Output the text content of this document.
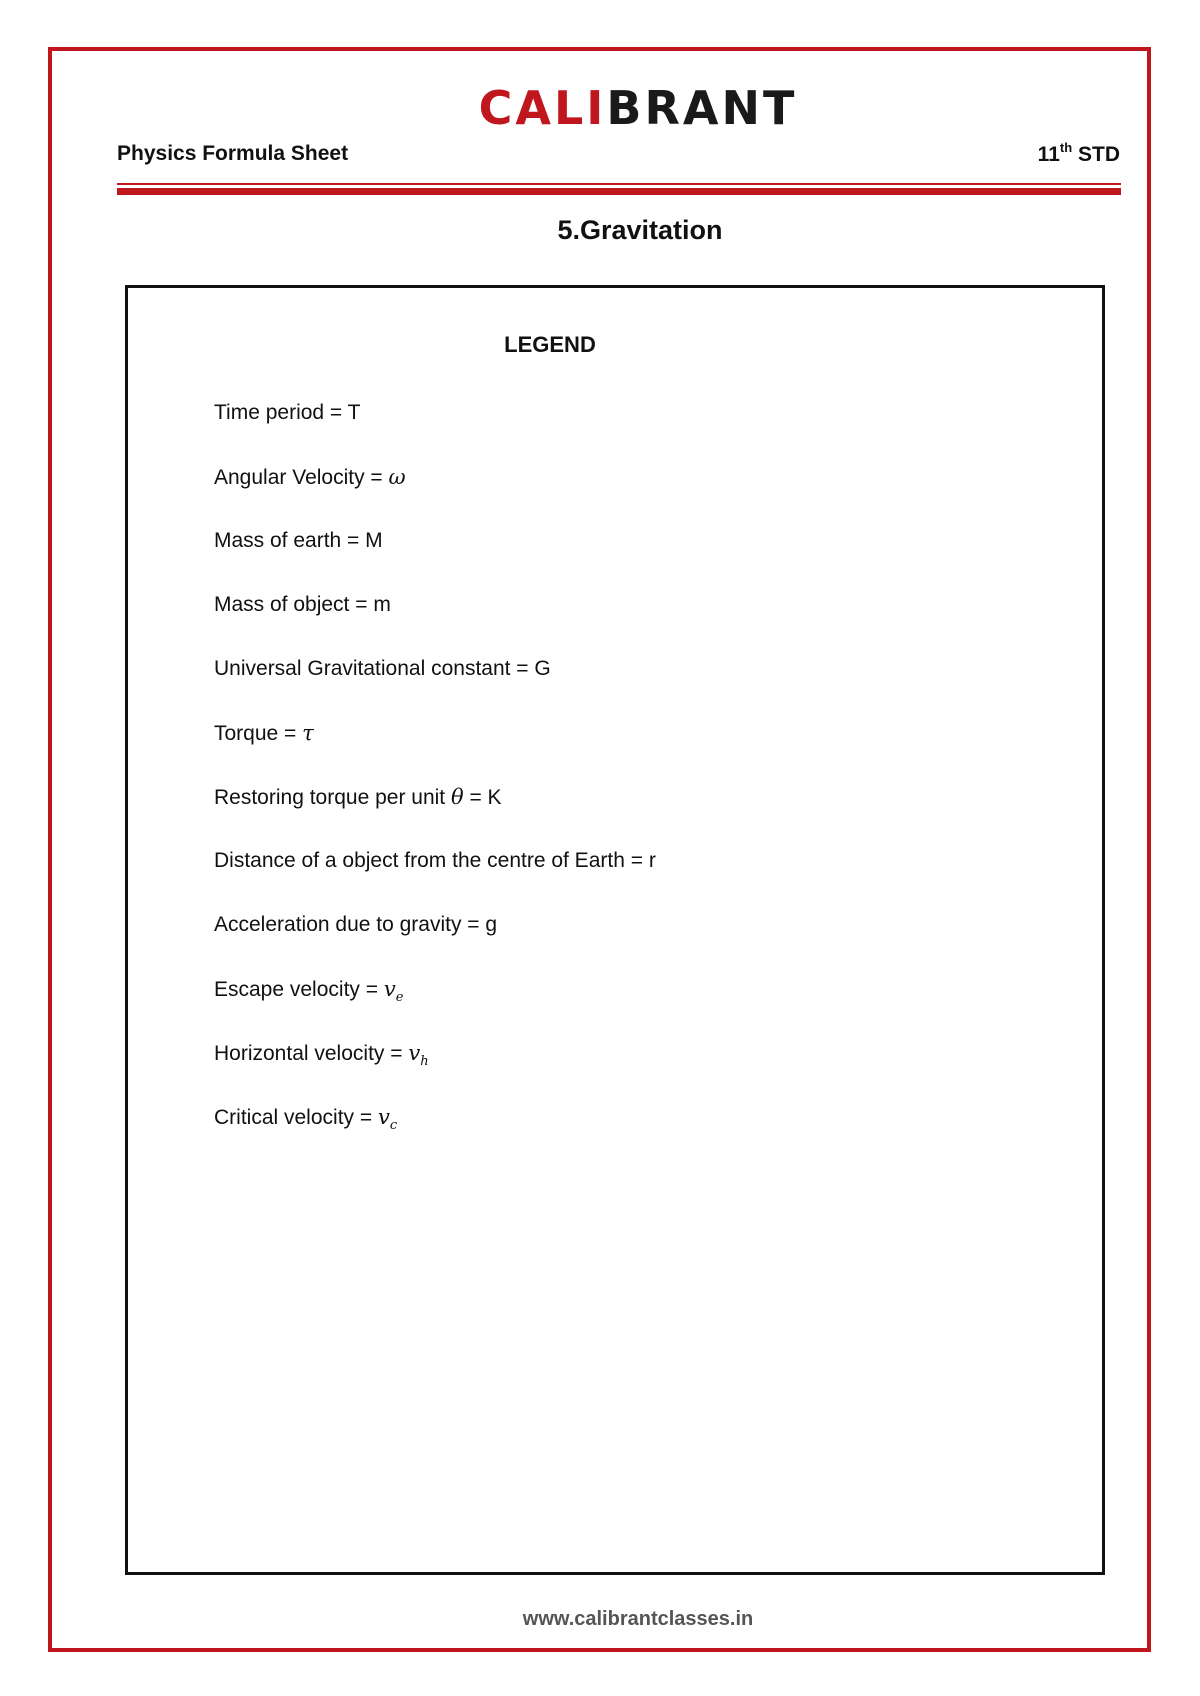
CALIBRANT
Physics Formula Sheet	11th STD
5.Gravitation
LEGEND
Time period = T
Angular Velocity = ω
Mass of earth = M
Mass of object = m
Universal Gravitational constant = G
Torque = τ
Restoring torque per unit θ = K
Distance of a object from the centre of Earth = r
Acceleration due to gravity = g
Escape velocity = $v_e$
Horizontal velocity = $v_h$
Critical velocity = $v_c$
www.calibrantclasses.in
